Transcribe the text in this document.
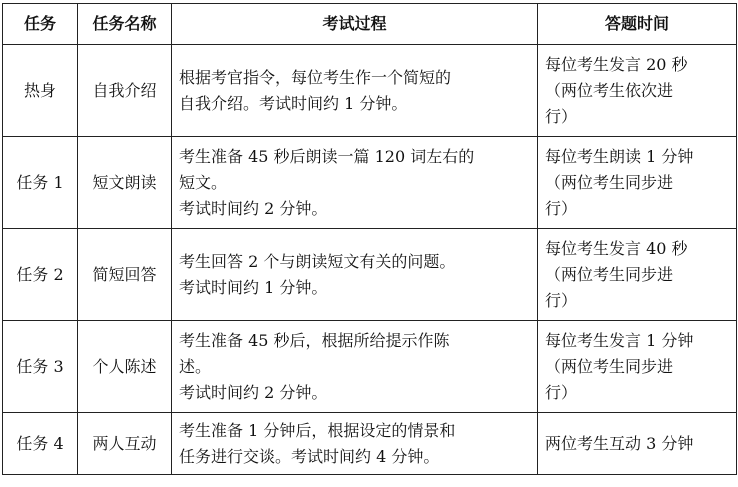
任务	任务名称	考试过程	答题时间
热身	自我介绍	根据考官指令，每位考生作一个简短的
自我介绍。考试时间约 1 分钟。	每位考生发言 20 秒
（两位考生依次进
行）

任务 1	短文朗读	考生准备 45 秒后朗读一篇 120 词左右的
短文。
考试时间约 2 分钟。	每位考生朗读 1 分钟
（两位考生同步进
行）

任务 2	简短回答	考生回答 2 个与朗读短文有关的问题。
考试时间约 1 分钟。	每位考生发言 40 秒
（两位考生同步进
行）

任务 3	个人陈述	考生准备 45 秒后，根据所给提示作陈
述。
考试时间约 2 分钟。	每位考生发言 1 分钟
（两位考生同步进
行）

任务 4	两人互动	考生准备 1 分钟后，根据设定的情景和
任务进行交谈。考试时间约 4 分钟。	两位考生互动 3 分钟
